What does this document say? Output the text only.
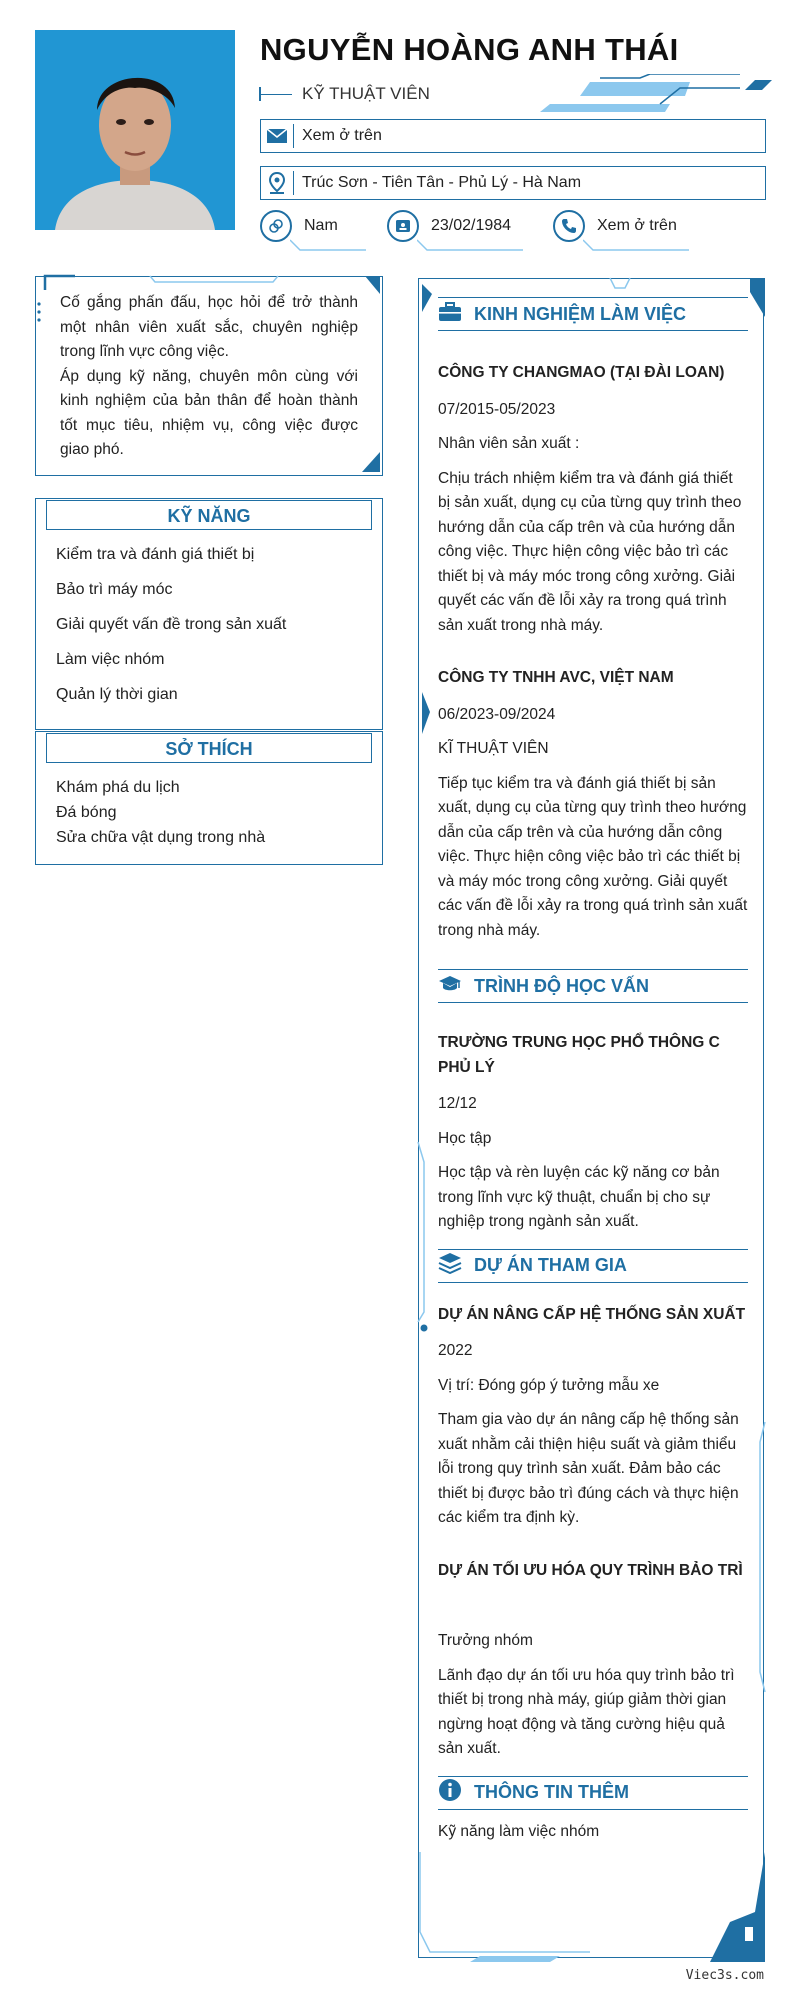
NGUYỄN HOÀNG ANH THÁI
KỸ THUẬT VIÊN
Xem ở trên
Trúc Sơn - Tiên Tân - Phủ Lý - Hà Nam
Nam	23/02/1984	Xem ở trên
Cố gắng phấn đấu, học hỏi để trở thành một nhân viên xuất sắc, chuyên nghiệp trong lĩnh vực công việc.
Áp dụng kỹ năng, chuyên môn cùng với kinh nghiệm của bản thân để hoàn thành tốt mục tiêu, nhiệm vụ, công việc được giao phó.
KỸ NĂNG
Kiểm tra và đánh giá thiết bị
Bảo trì máy móc
Giải quyết vấn đề trong sản xuất
Làm việc nhóm
Quản lý thời gian
SỞ THÍCH
Khám phá du lịch
Đá bóng
Sửa chữa vật dụng trong nhà
KINH NGHIỆM LÀM VIỆC
CÔNG TY CHANGMAO (TẠI ĐÀI LOAN)
07/2015-05/2023
Nhân viên sản xuất :
Chịu trách nhiệm kiểm tra và đánh giá thiết bị sản xuất, dụng cụ của từng quy trình theo hướng dẫn của cấp trên và của hướng dẫn công việc. Thực hiện công việc bảo trì các thiết bị và máy móc trong công xưởng. Giải quyết các vấn đề lỗi xảy ra trong quá trình sản xuất trong nhà máy.
CÔNG TY TNHH AVC, VIỆT NAM
06/2023-09/2024
KĨ THUẬT VIÊN
Tiếp tục kiểm tra và đánh giá thiết bị sản xuất, dụng cụ của từng quy trình theo hướng dẫn của cấp trên và của hướng dẫn công việc. Thực hiện công việc bảo trì các thiết bị và máy móc trong công xưởng. Giải quyết các vấn đề lỗi xảy ra trong quá trình sản xuất trong nhà máy.
TRÌNH ĐỘ HỌC VẤN
TRƯỜNG TRUNG HỌC PHỔ THÔNG C PHỦ LÝ
12/12
Học tập
Học tập và rèn luyện các kỹ năng cơ bản trong lĩnh vực kỹ thuật, chuẩn bị cho sự nghiệp trong ngành sản xuất.
DỰ ÁN THAM GIA
DỰ ÁN NÂNG CẤP HỆ THỐNG SẢN XUẤT
2022
Vị trí: Đóng góp ý tưởng mẫu xe
Tham gia vào dự án nâng cấp hệ thống sản xuất nhằm cải thiện hiệu suất và giảm thiểu lỗi trong quy trình sản xuất. Đảm bảo các thiết bị được bảo trì đúng cách và thực hiện các kiểm tra định kỳ.
DỰ ÁN TỐI ƯU HÓA QUY TRÌNH BẢO TRÌ
Trưởng nhóm
Lãnh đạo dự án tối ưu hóa quy trình bảo trì thiết bị trong nhà máy, giúp giảm thời gian ngừng hoạt động và tăng cường hiệu quả sản xuất.
THÔNG TIN THÊM
Kỹ năng làm việc nhóm
Viec3s.com
